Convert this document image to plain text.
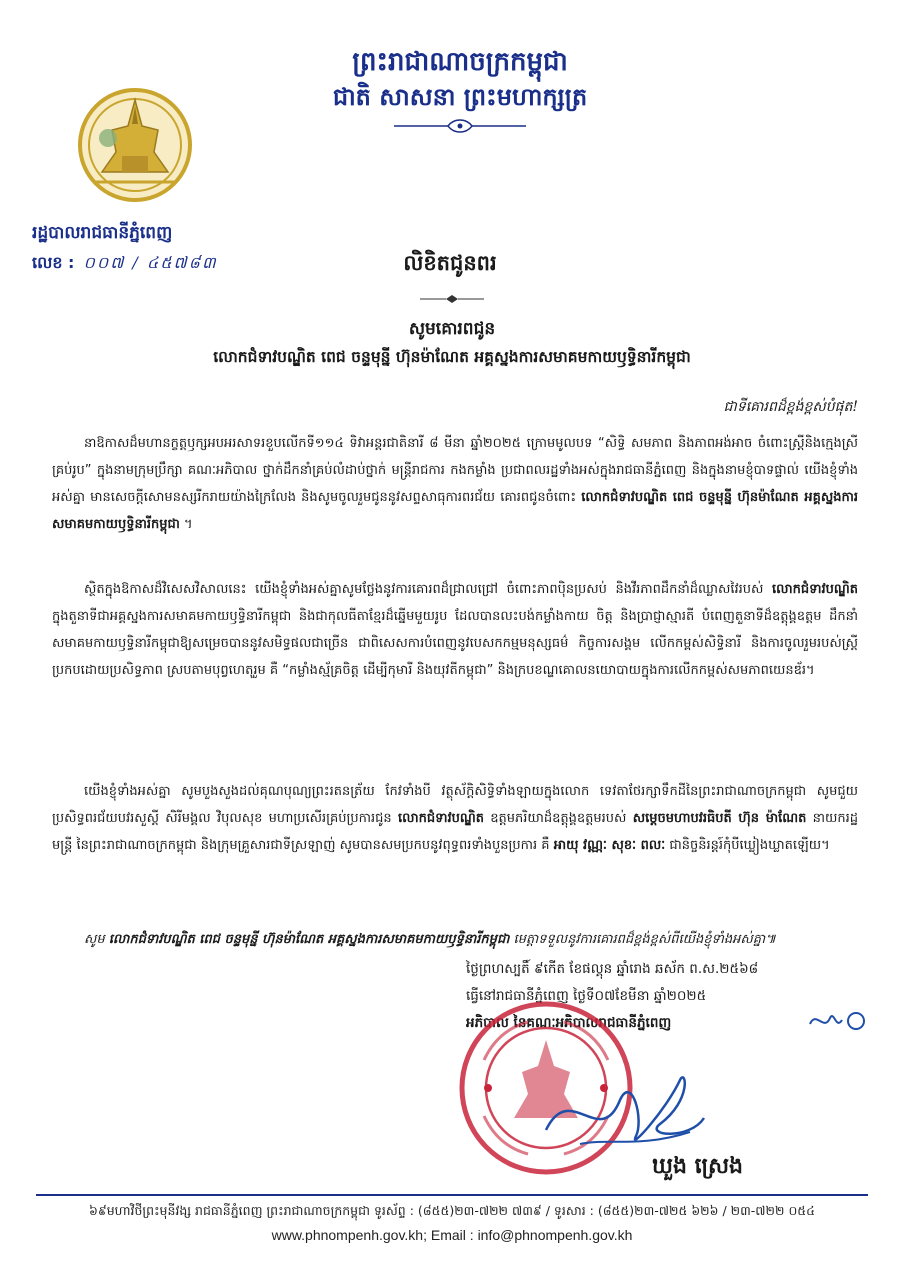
ព្រះរាជាណាចក្រកម្ពុជា
ជាតិ សាសនា ព្រះមហាក្សត្រ
រដ្ឋបាលរាជធានីភ្នំពេញ
លេខ : ០០៧ / ៤៥៧៨៣	លិខិតជូនពរ
សូមគោរពជូន
លោកជំទាវបណ្ឌិត ពេជ ចន្ទមុន្នី ហ៊ុនម៉ាណែត អគ្គស្នងការសមាគមកាយឫទ្ធិនារីកម្ពុជា
ជាទីគោរពដ៏ខ្ពង់ខ្ពស់បំផុត!

នាឱកាសដ៏មហានក្ខត្តឫក្សអបអរសាទរខួបលើកទី១១៤ ទិវាអន្តរជាតិនារី ៨ មីនា ឆ្នាំ២០២៥ ក្រោមមូលបទ “សិទ្ធិ សមភាព និងភាពអង់អាច ចំពោះស្ត្រីនិងក្មេងស្រីគ្រប់រូប” ក្នុងនាមក្រុមប្រឹក្សា គណៈអភិបាល ថ្នាក់ដឹកនាំគ្រប់លំដាប់ថ្នាក់ មន្ត្រីរាជការ កងកម្លាំង ប្រជាពលរដ្ឋទាំងអស់ក្នុងរាជធានីភ្នំពេញ និងក្នុងនាមខ្ញុំបាទផ្ទាល់ យើងខ្ញុំទាំងអស់គ្នា មានសេចក្តីសោមនស្សរីករាយយ៉ាងក្រៃលែង និងសូមចូលរួមជូននូវសព្ទសាធុការពរជ័យ គោរពជូនចំពោះ លោកជំទាវបណ្ឌិត ពេជ ចន្ទមុន្នី ហ៊ុនម៉ាណែត អគ្គស្នងការសមាគមកាយឫទ្ធិនារីកម្ពុជា ។

ស្ថិតក្នុងឱកាសដ៏វិសេសវិសាលនេះ យើងខ្ញុំទាំងអស់គ្នាសូមថ្លែងនូវការគោរពដ៏ជ្រាលជ្រៅ ចំពោះភាពប៉ិនប្រសប់ និងវីរភាពដឹកនាំដ៏ឈ្លាសវៃរបស់ លោកជំទាវបណ្ឌិត ក្នុងតួនាទីជាអគ្គស្នងការសមាគមកាយឫទ្ធិនារីកម្ពុជា និងជាកុលធីតាខ្មែរដ៏ឆ្នើមមួយរូប ដែលបានលះបង់កម្លាំងកាយ ចិត្ត និងប្រាជ្ញាស្មារតី បំពេញតួនាទីដ៏ឧត្តុង្គឧត្តម ដឹកនាំសមាគមកាយឫទ្ធិនារីកម្ពុជាឱ្យសម្រេចបាននូវសមិទ្ធផលជាច្រើន ជាពិសេសការបំពេញនូវបេសកកម្មមនុស្សធម៌ កិច្ចការសង្គម លើកកម្ពស់សិទ្ធិនារី និងការចូលរួមរបស់ស្ត្រី ប្រកបដោយប្រសិទ្ធភាព ស្របតាមបុព្វហេតុរួម គឺ “កម្លាំងស្ម័គ្រចិត្ត ដើម្បីកុមារី និងយុវតីកម្ពុជា” និងក្របខណ្ឌគោលនយោបាយក្នុងការលើកកម្ពស់សមភាពយេនឌ័រ។

យើងខ្ញុំទាំងអស់គ្នា សូមបួងសួងដល់គុណបុណ្យព្រះរតនត្រ័យ កែវទាំងបី វត្ថុស័ក្តិសិទ្ធិទាំងឡាយក្នុងលោក ទេវតាថែរក្សាទឹកដីនៃព្រះរាជាណាចក្រកម្ពុជា សូមជួយប្រសិទ្ធពរជ័យបវរសួស្តី សិរីមង្គល វិបុលសុខ មហាប្រសើរគ្រប់ប្រការជូន លោកជំទាវបណ្ឌិត ឧត្តមភរិយាដ៏ឧត្តុង្គឧត្តមរបស់ សម្តេចមហាបវរធិបតី ហ៊ុន ម៉ាណែត នាយករដ្ឋមន្ត្រី នៃព្រះរាជាណាចក្រកម្ពុជា និងក្រុមគ្រួសារជាទីស្រឡាញ់ សូមបានសមប្រកបនូវពុទ្ធពរទាំងបួនប្រការ គឺ អាយុ វណ្ណៈ សុខៈ ពលៈ ជានិច្ចនិរន្តរ៍កុំបីឃ្លៀងឃ្លាតឡើយ។

សូម លោកជំទាវបណ្ឌិត ពេជ ចន្ទមុន្នី ហ៊ុនម៉ាណែត អគ្គស្នងការសមាគមកាយឫទ្ធិនារីកម្ពុជា មេត្តាទទួលនូវការគោរពដ៏ខ្ពង់ខ្ពស់ពីយើងខ្ញុំទាំងអស់គ្នា៕

ថ្ងៃព្រហស្បតិ៍ ៩កើត ខែផល្គុន ឆ្នាំរោង ឆស័ក ព.ស.២៥៦៨
ធ្វើនៅរាជធានីភ្នំពេញ ថ្ងៃទី០៧ខែមីនា ឆ្នាំ២០២៥
អភិបាល នៃគណៈអភិបាលរាជធានីភ្នំពេញ
ឃួង ស្រេង
៦៩មហាវិថីព្រះមុនីវង្ស រាជធានីភ្នំពេញ ព្រះរាជាណាចក្រកម្ពុជា ទូរស័ព្ទ : (៨៥៥)២៣-៧២២ ៧៣៩ / ទូរសារ : (៨៥៥)២៣-៧២៥ ៦២៦ / ២៣-៧២២ ០៥៤
www.phnompenh.gov.kh; Email : info@phnompenh.gov.kh
